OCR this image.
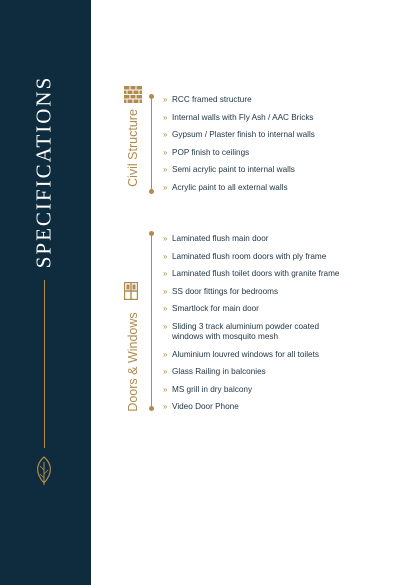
SPECIFICATIONS	Civil Structure
» RCC framed structure
» Internal walls with Fly Ash / AAC Bricks
» Gypsum / Plaster finish to internal walls
» POP finish to ceilings
» Semi acrylic paint to internal walls
» Acrylic paint to all external walls
Doors & Windows
» Laminated flush main door
» Laminated flush room doors with ply frame
» Laminated flush toilet doors with granite frame
» SS door fittings for bedrooms
» Smartlock for main door
» Sliding 3 track aluminium powder coated windows with mosquito mesh
» Aluminium louvred windows for all toilets
» Glass Railing in balconies
» MS grill in dry balcony
» Video Door Phone
